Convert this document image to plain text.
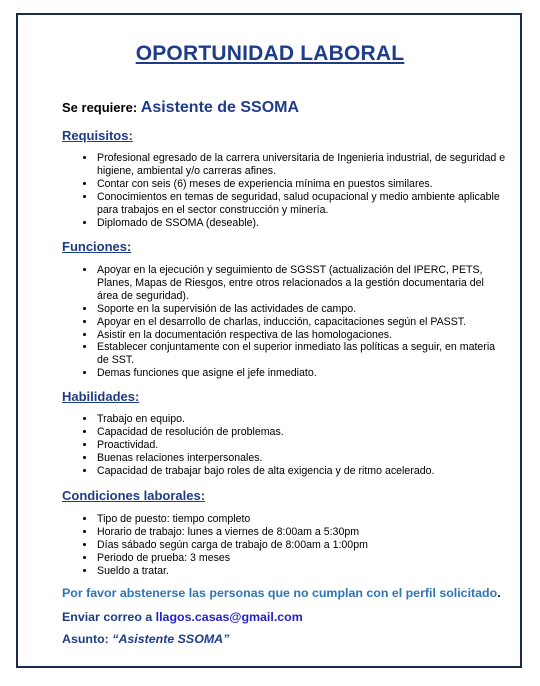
OPORTUNIDAD LABORAL
Se requiere: Asistente de SSOMA
Requisitos:
• Profesional egresado de la carrera universitaria de Ingenieria industrial, de seguridad e higiene, ambiental y/o carreras afines.
• Contar con seis (6) meses de experiencia mínima en puestos similares.
• Conocimientos en temas de seguridad, salud ocupacional y medio ambiente aplicable para trabajos en el sector construcción y minería.
• Diplomado de SSOMA (deseable).
Funciones:
• Apoyar en la ejecución y seguimiento de SGSST (actualización del IPERC, PETS, Planes, Mapas de Riesgos, entre otros relacionados a la gestión documentaria del área de seguridad).
• Soporte en la supervisión de las actividades de campo.
• Apoyar en el desarrollo de charlas, inducción, capacitaciones según el PASST.
• Asistir en la documentación respectiva de las homologaciones.
• Establecer conjuntamente con el superior inmediato las políticas a seguir, en materia de SST.
• Demas funciones que asigne el jefe inmediato.
Habilidades:
• Trabajo en equipo.
• Capacidad de resolución de problemas.
• Proactividad.
• Buenas relaciones interpersonales.
• Capacidad de trabajar bajo roles de alta exigencia y de ritmo acelerado.
Condiciones laborales:
• Tipo de puesto: tiempo completo
• Horario de trabajo: lunes a viernes de 8:00am a 5:30pm
• Días sábado según carga de trabajo de 8:00am a 1:00pm
• Periodo de prueba: 3 meses
• Sueldo a tratar.

Por favor abstenerse las personas que no cumplan con el perfil solicitado.

Enviar correo a llagos.casas@gmail.com

Asunto: “Asistente SSOMA”
